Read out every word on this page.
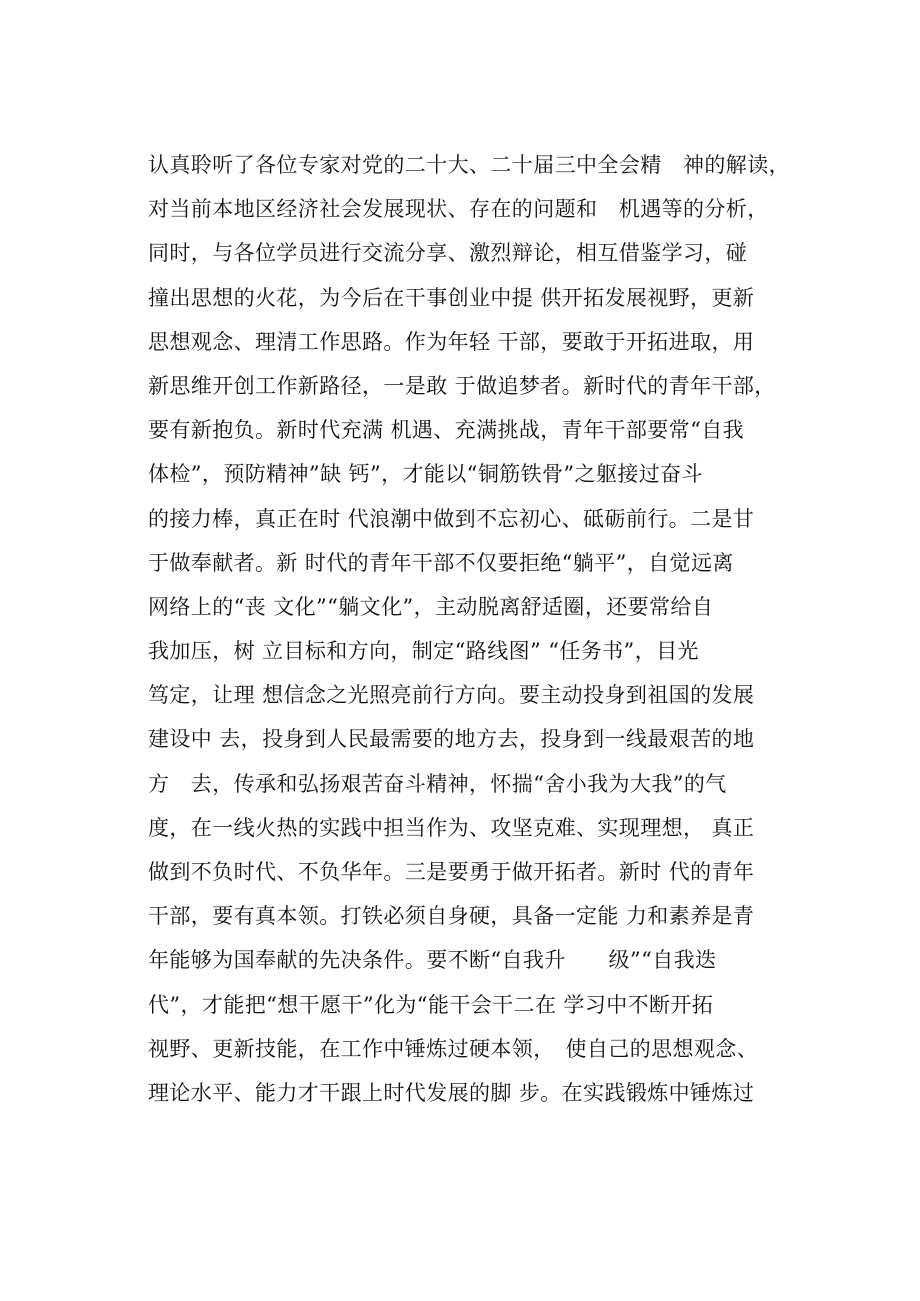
认真聆听了各位专家对党的二十大、二十届三中全会精　神的解读，
对当前本地区经济社会发展现状、存在的问题和　机遇等的分析，
同时，与各位学员进行交流分享、激烈辩论，相互借鉴学习，碰
撞出思想的火花，为今后在干事创业中提 供开拓发展视野，更新
思想观念、理清工作思路。作为年轻 干部，要敢于开拓进取，用
新思维开创工作新路径，一是敢 于做追梦者。新时代的青年干部，
要有新抱负。新时代充满 机遇、充满挑战，青年干部要常“自我
体检”，预防精神”缺 钙”，才能以“铜筋铁骨”之躯接过奋斗
的接力棒，真正在时 代浪潮中做到不忘初心、砥砺前行。二是甘
于做奉献者。新 时代的青年干部不仅要拒绝“躺平”，自觉远离
网络上的“丧 文化”“躺文化”，主动脱离舒适圈，还要常给自
我加压，树 立目标和方向，制定“路线图” “任务书”，目光
笃定，让理 想信念之光照亮前行方向。要主动投身到祖国的发展
建设中 去，投身到人民最需要的地方去，投身到一线最艰苦的地
方　去，传承和弘扬艰苦奋斗精神，怀揣“舍小我为大我”的气
度，在一线火热的实践中担当作为、攻坚克难、实现理想， 真正
做到不负时代、不负华年。三是要勇于做开拓者。新时 代的青年
干部，要有真本领。打铁必须自身硬，具备一定能 力和素养是青
年能够为国奉献的先决条件。要不断“自我升　　级”“自我迭
代”，才能把“想干愿干”化为“能干会干二在 学习中不断开拓
视野、更新技能，在工作中锤炼过硬本领，　使自己的思想观念、
理论水平、能力才干跟上时代发展的脚 步。在实践锻炼中锤炼过
